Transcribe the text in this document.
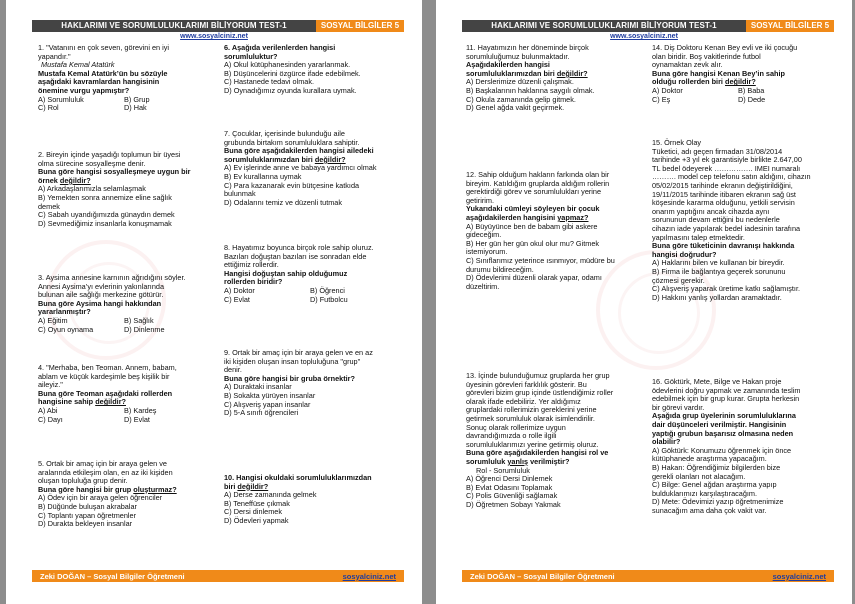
HAKLARIMI VE SORUMLULUKLARIMI BİLİYORUM TEST-1	SOSYAL BİLGİLER 5
www.sosyalciniz.net

1. "Vatanını en çok seven, görevini en iyi

yapandır."

Mustafa Kemal Atatürk

Mustafa Kemal Atatürk’ün bu sözüyle

aşağıdaki kavramlardan hangisinin

önemine vurgu yapmıştır?

A) Sorumluluk	B) Grup
C) Rol	D) Hak

2. Bireyin içinde yaşadığı toplumun bir üyesi

olma sürecine sosyalleşme denir.

Buna göre hangisi sosyalleşmeye uygun bir

örnek değildir?

A) Arkadaşlarımızla selamlaşmak

B) Yemekten sonra annemize eline sağlık

demek

C) Sabah uyandığımızda günaydın demek

D) Sevmediğimiz insanlarla konuşmamak

3. Aysima annesine karnının ağrıdığını söyler.

Annesi Aysima’yı evlerinin yakınlarında

bulunan aile sağlığı merkezine götürür.

Buna göre Aysima hangi hakkından

yararlanmıştır?

A) Eğitim	B) Sağlık
C) Oyun oynama	D) Dinlenme

4. "Merhaba, ben Teoman. Annem, babam,

ablam ve küçük kardeşimle beş kişilik bir

aileyiz."

Buna göre Teoman aşağıdaki rollerden

hangisine sahip değildir?

A) Abi	B) Kardeş
C) Dayı	D) Evlat

5. Ortak bir amaç için bir araya gelen ve

aralarında etkileşim olan, en az iki kişiden

oluşan topluluğa grup denir.

Buna göre hangisi bir grup oluşturmaz?

A) Ödev için bir araya gelen öğrenciler

B) Düğünde buluşan akrabalar

C) Toplantı yapan öğretmenler

D) Durakta bekleyen insanlar

6. Aşağıda verilenlerden hangisi

sorumluluktur?

A) Okul kütüphanesinden yararlanmak.

B) Düşüncelerini özgürce ifade edebilmek.

C) Hastanede tedavi olmak.

D) Oynadığımız oyunda kurallara uymak.

7. Çocuklar, içerisinde bulunduğu aile

grubunda birtakım sorumluluklara sahiptir.

Buna göre aşağıdakilerden hangisi ailedeki

sorumluluklarımızdan biri değildir?

A) Ev işlerinde anne ve babaya yardımcı olmak

B) Ev kurallarına uymak

C) Para kazanarak evin bütçesine katkıda

bulunmak

D) Odalarını temiz ve düzenli tutmak

8. Hayatımız boyunca birçok role sahip oluruz.

Bazıları doğuştan bazıları ise sonradan elde

ettiğimiz rollerdir.

Hangisi doğuştan sahip olduğumuz

rollerden biridir?

A) Doktor	B) Öğrenci
C) Evlat	D) Futbolcu

9. Ortak bir amaç için bir araya gelen ve en az

iki kişiden oluşan insan topluluğuna "grup"

denir.

Buna göre hangisi bir gruba örnektir?

A) Duraktaki insanlar

B) Sokakta yürüyen insanlar

C) Alışveriş yapan insanlar

D) 5-A sınıfı öğrencileri

10. Hangisi okuldaki sorumluluklarımızdan

biri değildir?

A) Derse zamanında gelmek

B) Teneffüse çıkmak

C) Dersi dinlemek

D) Ödevleri yapmak

Zeki DOĞAN – Sosyal Bilgiler Öğretmeni	sosyalciniz.net
HAKLARIMI VE SORUMLULUKLARIMI BİLİYORUM TEST-1	SOSYAL BİLGİLER 5
www.sosyalciniz.net

11. Hayatımızın her döneminde birçok

sorumluluğumuz bulunmaktadır.

Aşağıdakilerden hangisi

sorumluluklarımızdan biri değildir?

A) Derslerimize düzenli çalışmak.

B) Başkalarının haklarına saygılı olmak.

C) Okula zamanında gelip gitmek.

D) Genel ağda vakit geçirmek.

12. Sahip olduğum hakların farkında olan bir

bireyim. Katıldığım gruplarda aldığım rollerin

gerektirdiği görev ve sorumlulukları yerine

getiririm.

Yukarıdaki cümleyi söyleyen bir çocuk

aşağıdakilerden hangisini yapmaz?

A) Büyüyünce ben de babam gibi askere

gideceğim.

B) Her gün her gün okul olur mu? Gitmek

istemiyorum.

C) Sınıflarımız yeterince ısınmıyor, müdüre bu

durumu bildireceğim.

D) Ödevlerimi düzenli olarak yapar, odamı

düzeltirim.

13. İçinde bulunduğumuz gruplarda her grup

üyesinin görevleri farklılık gösterir. Bu

görevleri bizim grup içinde üstlendiğimiz roller

olarak ifade edebiliriz. Yer aldığımız

gruplardaki rollerimizin gereklerini yerine

getirmek sorumluluk olarak isimlendirilir.

Sonuç olarak rollerimize uygun

davrandığımızda o rolle ilgili

sorumluluklarımızı yerine getirmiş oluruz.

Buna göre aşağıdakilerden hangisi rol ve

sorumluluk yanlış verilmiştir?

Rol - Sorumluluk

A) Öğrenci Dersi Dinlemek

B) Evlat Odasını Toplamak

C) Polis Güvenliği sağlamak

D) Öğretmen Sobayı Yakmak

14. Diş Doktoru Kenan Bey evli ve iki çocuğu

olan biridir. Boş vakitlerinde futbol

oynamaktan zevk alır.

Buna göre hangisi Kenan Bey’in sahip

olduğu rollerden biri değildir?

A) Doktor	B) Baba
C) Eş	D) Dede

15. Örnek Olay

Tüketici, adı geçen firmadan 31/08/2014

tarihinde +3 yıl ek garantisiyle birlikte 2.647,00

TL bedel ödeyerek ……………. IMEI numaralı

………. model cep telefonu satın aldığını, cihazın

05/02/2015 tarihinde ekranın değiştirildiğini,

19/11/2015 tarihinde itibaren ekranın sağ üst

köşesinde kararma olduğunu, yetkili servisin

onarım yaptığını ancak cihazda aynı

sorununun devam ettiğini bu nedenlerle

cihazın iade yapılarak bedel iadesinin tarafına

yapılmasını talep etmektedir.

Buna göre tüketicinin davranışı hakkında

hangisi doğrudur?

A) Haklarını bilen ve kullanan bir bireydir.

B) Firma ile bağlantıya geçerek sorununu

çözmesi gerekir.

C) Alışveriş yaparak üretime katkı sağlamıştır.

D) Hakkını yanlış yollardan aramaktadır.

16. Göktürk, Mete, Bilge ve Hakan proje

ödevlerini doğru yapmak ve zamanında teslim

edebilmek için bir grup kurar. Grupta herkesin

bir görevi vardır.

Aşağıda grup üyelerinin sorumluluklarına

dair düşünceleri verilmiştir. Hangisinin

yaptığı grubun başarısız olmasına neden

olabilir?

A) Göktürk: Konumuzu öğrenmek için önce

kütüphanede araştırma yapacağım.

B) Hakan: Öğrendiğimiz bilgilerden bize

gerekli olanları not alacağım.

C) Bilge: Genel ağdan araştırma yapıp

bulduklarımızı karşılaştıracağım.

D) Mete: Ödevimizi yazıp öğretmenimize

sunacağım ama daha çok vakit var.

Zeki DOĞAN – Sosyal Bilgiler Öğretmeni	sosyalciniz.net
